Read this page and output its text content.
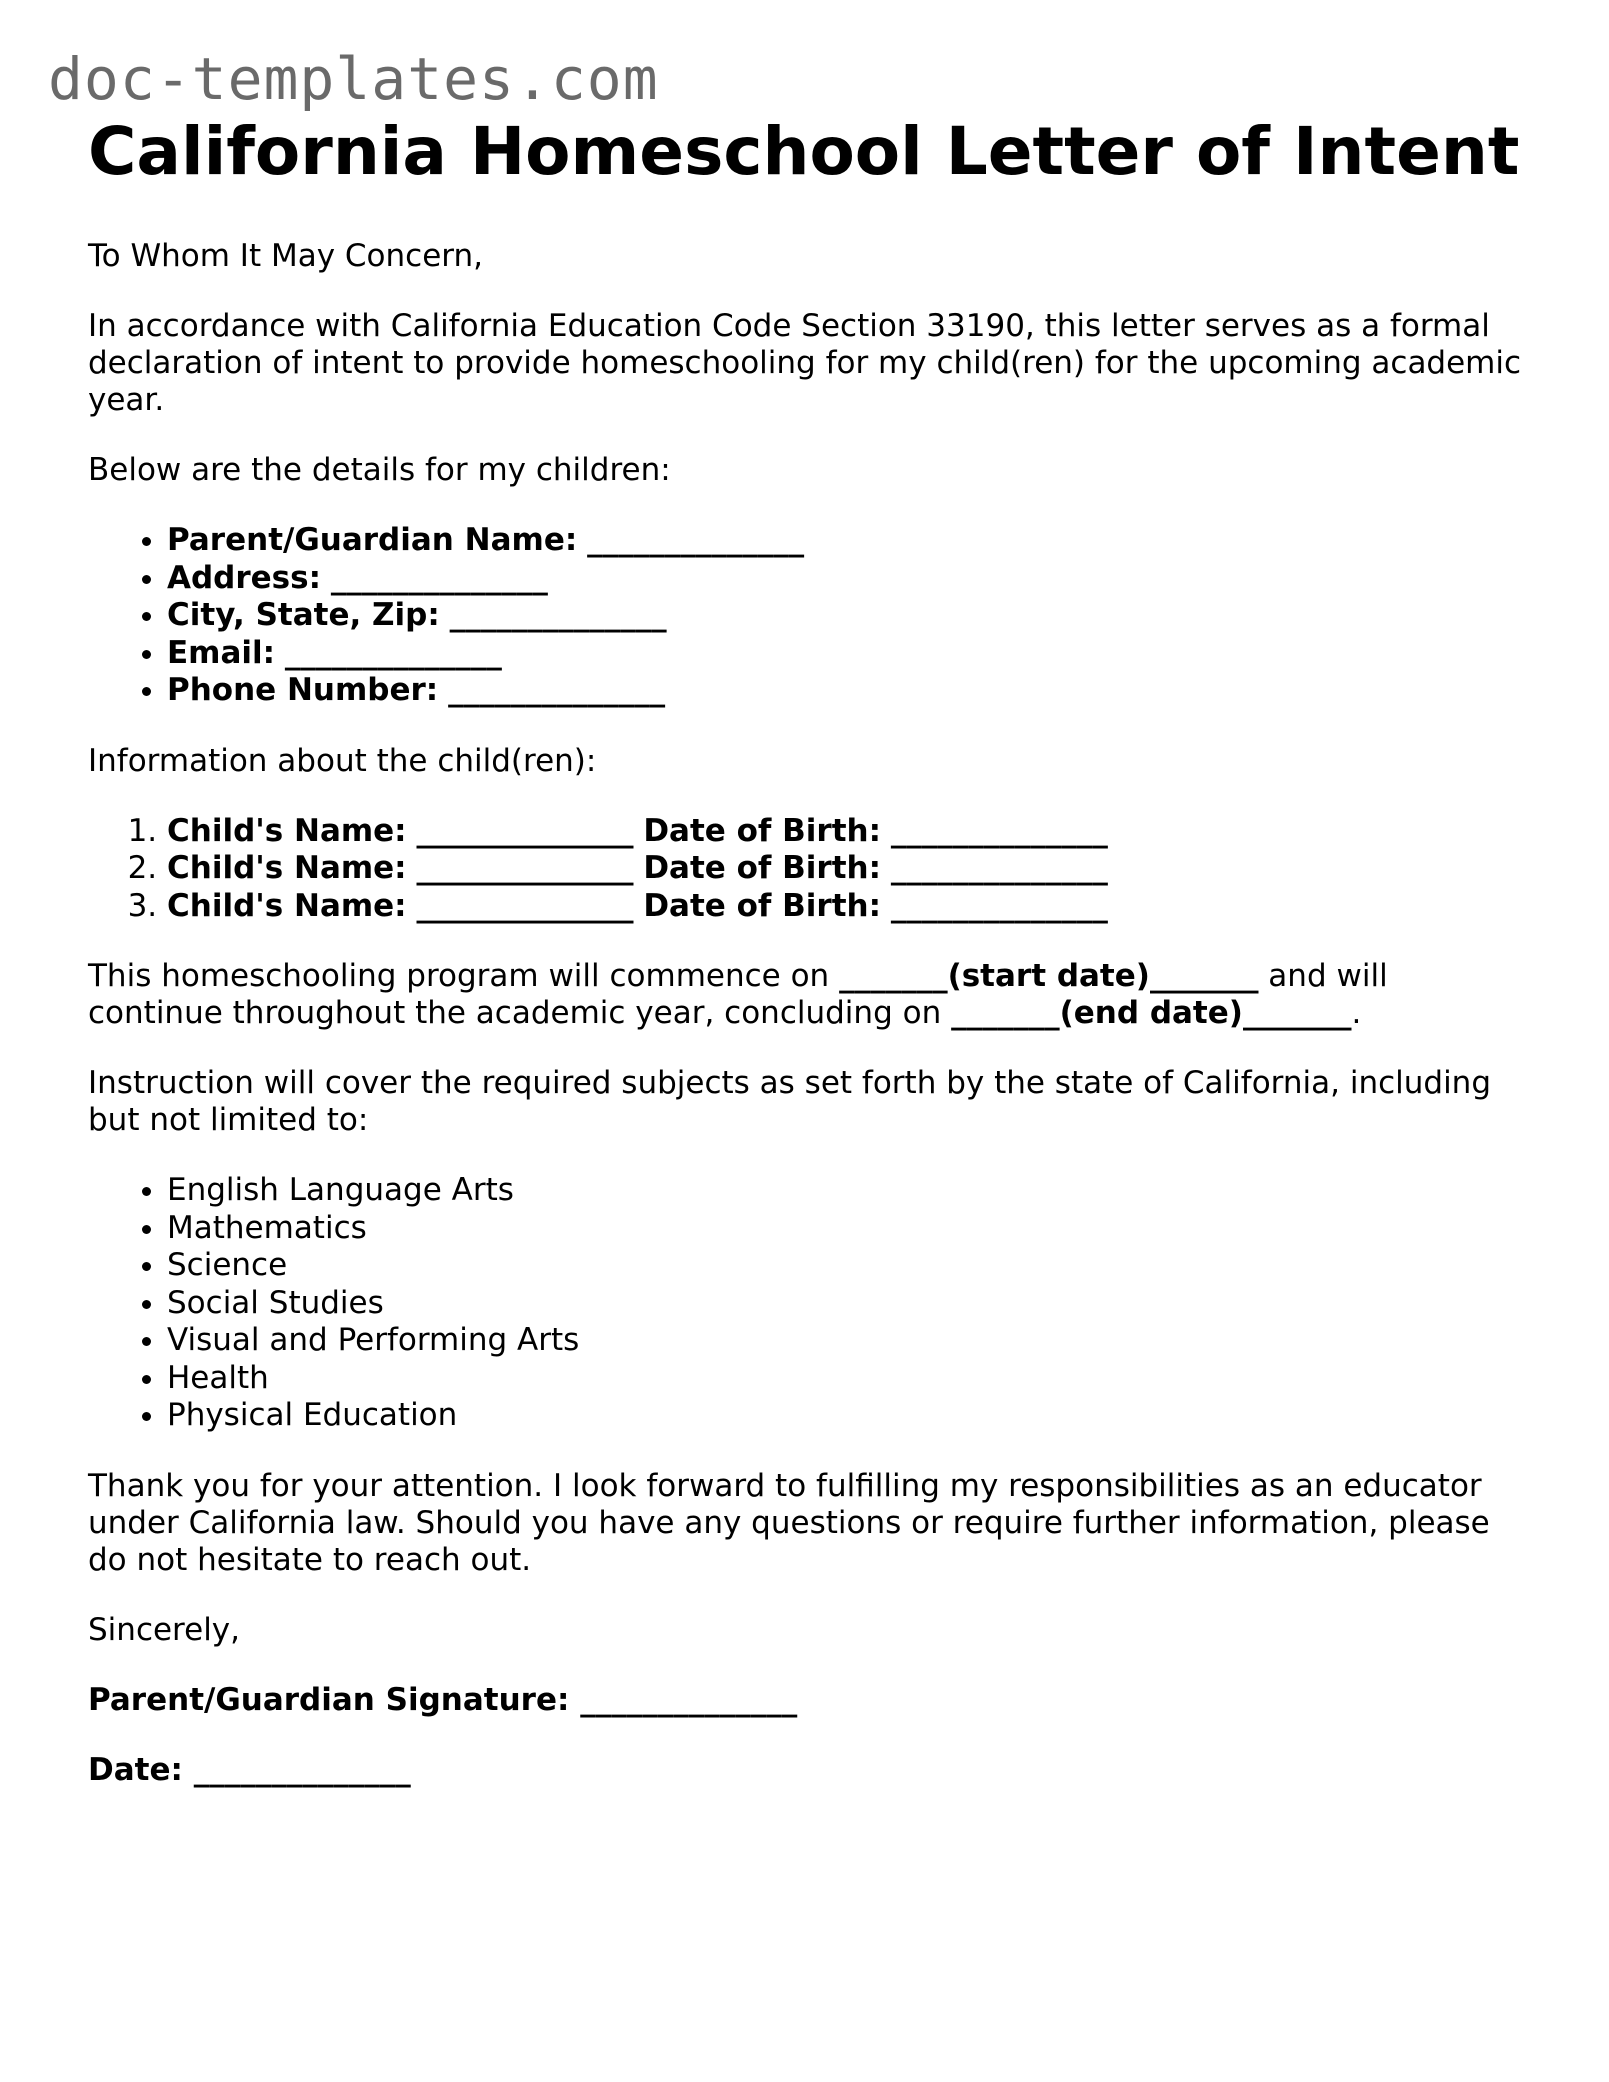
doc-templates.com
California Homeschool Letter of Intent

To Whom It May Concern,

In accordance with California Education Code Section 33190, this letter serves as a formal declaration of intent to provide homeschooling for my child(ren) for the upcoming academic year.

Below are the details for my children:

• Parent/Guardian Name: ______________
• Address: ______________
• City, State, Zip: ______________
• Email: ______________
• Phone Number: ______________

Information about the child(ren):

1. Child's Name: ______________ Date of Birth: ______________
2. Child's Name: ______________ Date of Birth: ______________
3. Child's Name: ______________ Date of Birth: ______________

This homeschooling program will commence on _______(start date)_______ and will continue throughout the academic year, concluding on _______(end date)_______.

Instruction will cover the required subjects as set forth by the state of California, including but not limited to:

• English Language Arts
• Mathematics
• Science
• Social Studies
• Visual and Performing Arts
• Health
• Physical Education

Thank you for your attention. I look forward to fulfilling my responsibilities as an educator under California law. Should you have any questions or require further information, please do not hesitate to reach out.

Sincerely,

Parent/Guardian Signature: ______________

Date: ______________
